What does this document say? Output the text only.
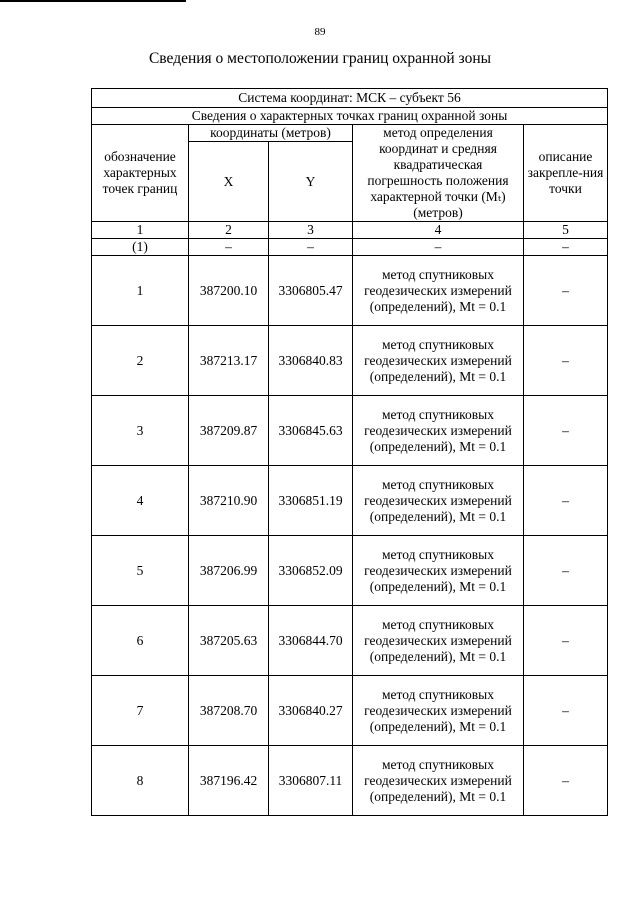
89
Сведения о местоположении границ охранной зоны
Система координат: МСК – субъект 56				
Сведения о характерных точках границ охранной зоны				
обозначение характерных точек границ	координаты (метров)		метод определения координат и средняя квадратическая погрешность положения характерной точки (Mₜ) (метров)	описание закрепле-ния точки
	X	Y		
1	2	3	4	5
(1)	–	–	–	–
1	387200.10	3306805.47	метод спутниковых геодезических измерений (определений), Mt = 0.1	–
2	387213.17	3306840.83	метод спутниковых геодезических измерений (определений), Mt = 0.1	–
3	387209.87	3306845.63	метод спутниковых геодезических измерений (определений), Mt = 0.1	–
4	387210.90	3306851.19	метод спутниковых геодезических измерений (определений), Mt = 0.1	–
5	387206.99	3306852.09	метод спутниковых геодезических измерений (определений), Mt = 0.1	–
6	387205.63	3306844.70	метод спутниковых геодезических измерений (определений), Mt = 0.1	–
7	387208.70	3306840.27	метод спутниковых геодезических измерений (определений), Mt = 0.1	–
8	387196.42	3306807.11	метод спутниковых геодезических измерений (определений), Mt = 0.1	–
